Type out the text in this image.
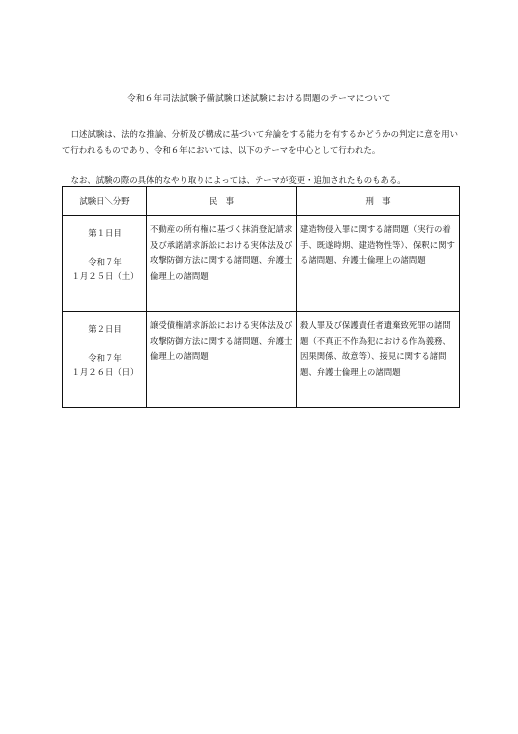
令和６年司法試験予備試験口述試験における問題のテーマについて

口述試験は、法的な推論、分析及び構成に基づいて弁論をする能力を有するかどうかの判定に意を用いて行われるものであり、令和６年においては、以下のテーマを中心として行われた。

なお、試験の際の具体的なやり取りによっては、テーマが変更・追加されたものもある。

試験日＼分野	民　事	刑　事

第１日目
令和７年
１月２５日（土）	不動産の所有権に基づく抹消登記請求及び承諾請求訴訟における実体法及び攻撃防御方法に関する諸問題、弁護士倫理上の諸問題	建造物侵入罪に関する諸問題（実行の着手、既遂時期、建造物性等）、保釈に関する諸問題、弁護士倫理上の諸問題

第２日目
令和７年
１月２６日（日）	譲受債権請求訴訟における実体法及び攻撃防御方法に関する諸問題、弁護士倫理上の諸問題	殺人罪及び保護責任者遺棄致死罪の諸問題（不真正不作為犯における作為義務、因果関係、故意等）、接見に関する諸問題、弁護士倫理上の諸問題
